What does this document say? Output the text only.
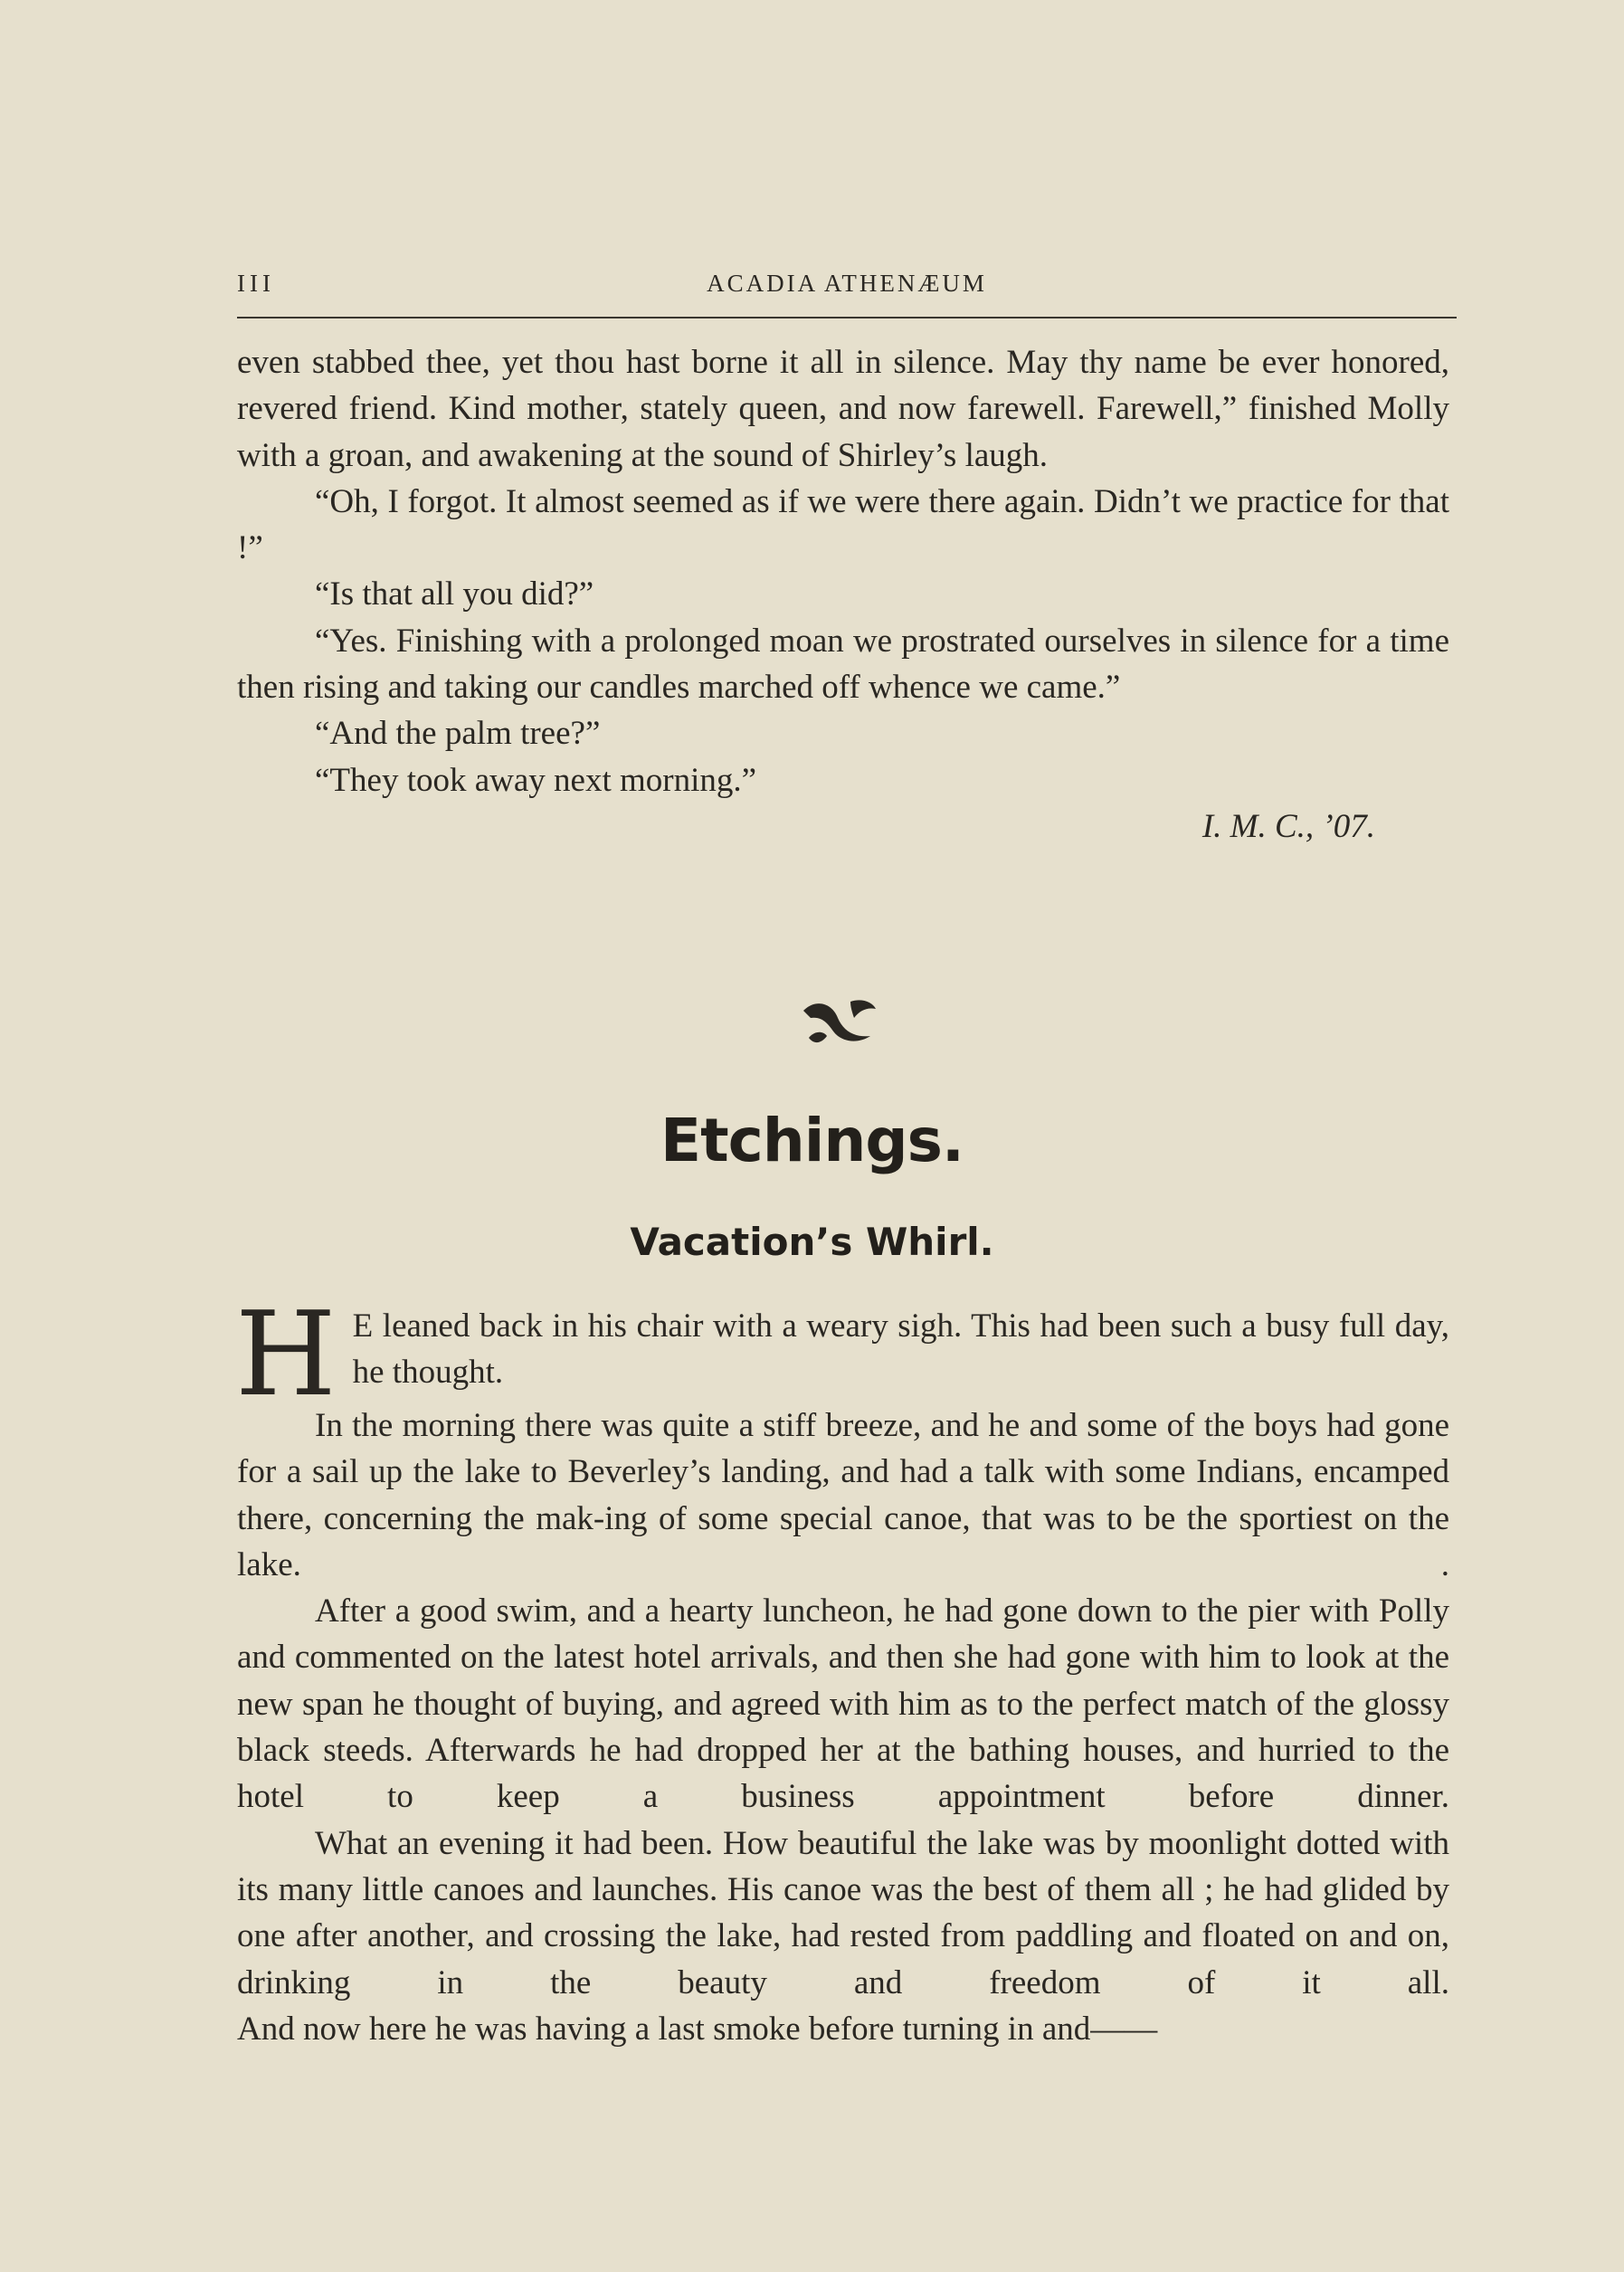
III	ACADIA ATHENÆUM

even stabbed thee, yet thou hast borne it all in silence. May thy name be ever honored, revered friend. Kind mother, stately queen, and now farewell. Farewell,” finished Molly with a groan, and awakening at the sound of Shirley’s laugh.

“Oh, I forgot. It almost seemed as if we were there again. Didn’t we practice for that !”

“Is that all you did?”

“Yes. Finishing with a prolonged moan we prostrated ourselves in silence for a time then rising and taking our candles marched off whence we came.”

“And the palm tree?”

“They took away next morning.”

I. M. C., ’07.

Etchings.
Vacation’s Whirl.

H E leaned back in his chair with a weary sigh. This had been such a busy full day, he thought.

In the morning there was quite a stiff breeze, and he and some of the boys had gone for a sail up the lake to Beverley’s landing, and had a talk with some Indians, encamped there, concerning the mak-ing of some special canoe, that was to be the sportiest on the lake. .

After a good swim, and a hearty luncheon, he had gone down to the pier with Polly and commented on the latest hotel arrivals, and then she had gone with him to look at the new span he thought of buying, and agreed with him as to the perfect match of the glossy black steeds. Afterwards he had dropped her at the bathing houses, and hurried to the hotel to keep a business appointment before dinner.

What an evening it had been. How beautiful the lake was by moonlight dotted with its many little canoes and launches. His canoe was the best of them all ; he had glided by one after another, and crossing the lake, had rested from paddling and floated on and on, drinking in the beauty and freedom of it all.

And now here he was having a last smoke before turning in and——
